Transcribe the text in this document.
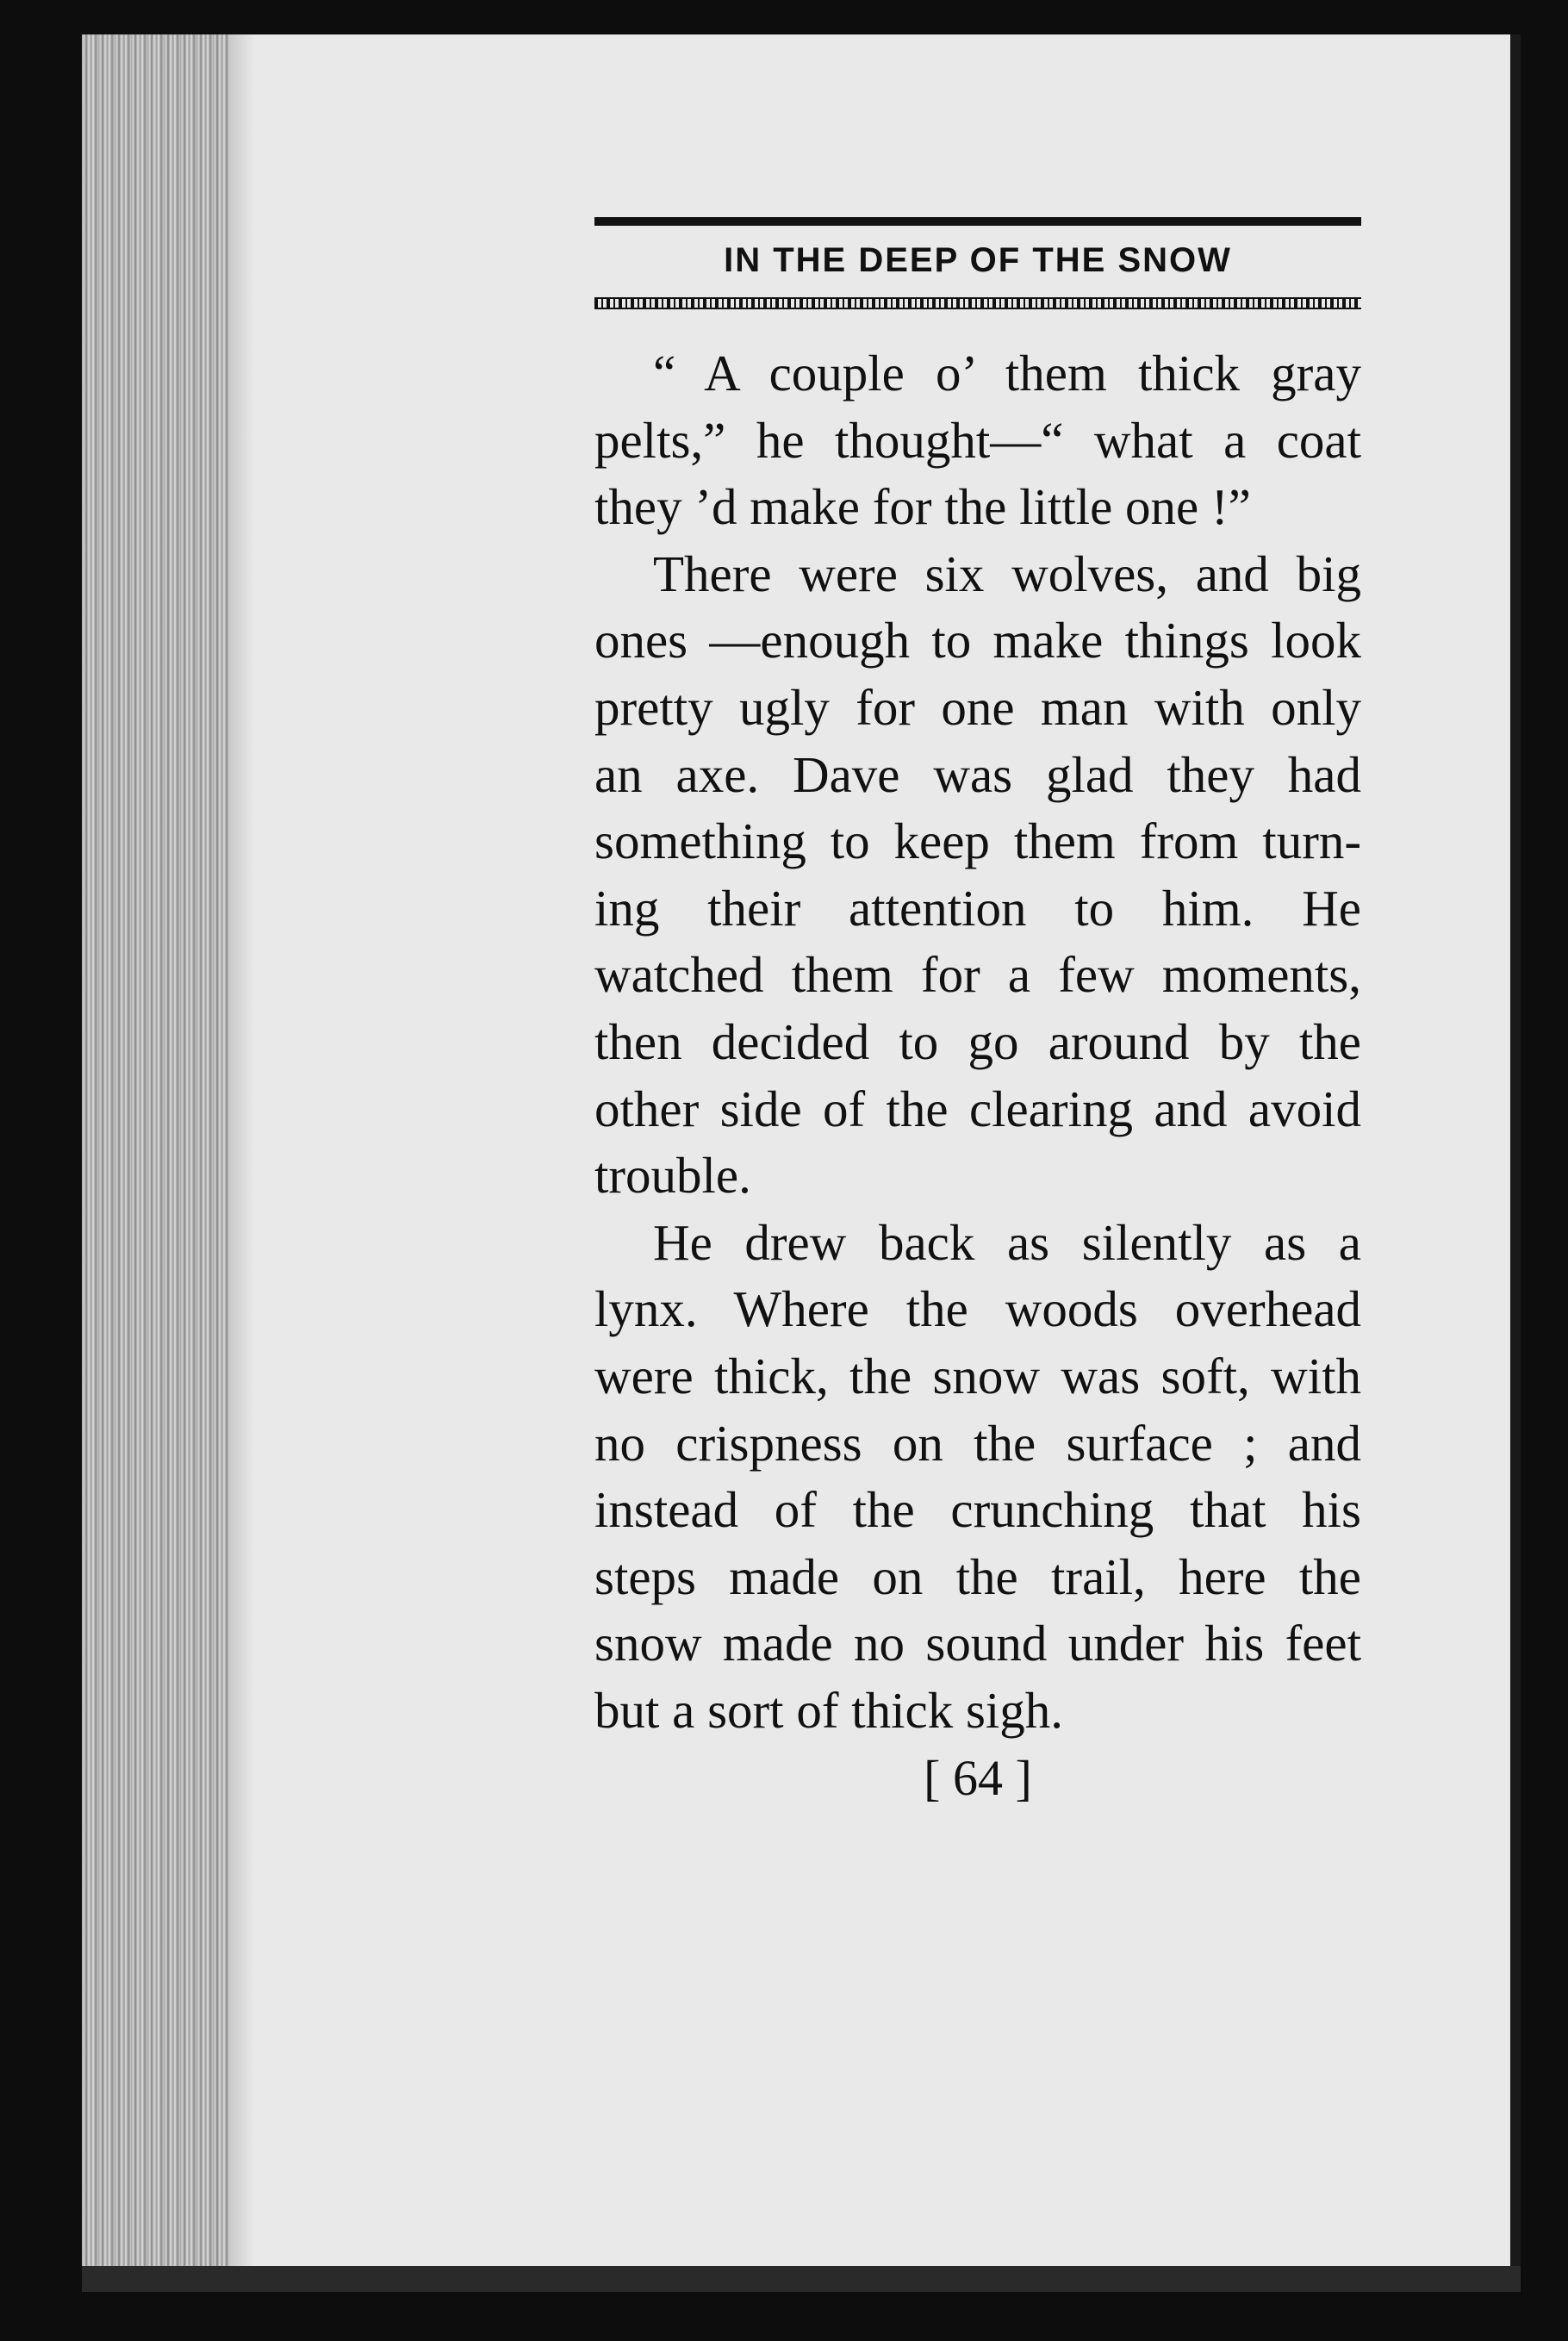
IN THE DEEP OF THE SNOW

“ A couple o’ them thick gray
pelts,” he thought—“ what a coat
they ’d make for the little one !”

There were six wolves, and big
ones —enough to make things look
pretty ugly for one man with only
an axe. Dave was glad they had
something to keep them from turn-
ing their attention to him. He
watched them for a few moments,
then decided to go around by the
other side of the clearing and avoid
trouble.

He drew back as silently as a
lynx. Where the woods overhead
were thick, the snow was soft, with
no crispness on the surface ; and
instead of the crunching that his
steps made on the trail, here the
snow made no sound under his feet
but a sort of thick sigh.

[ 64 ]
